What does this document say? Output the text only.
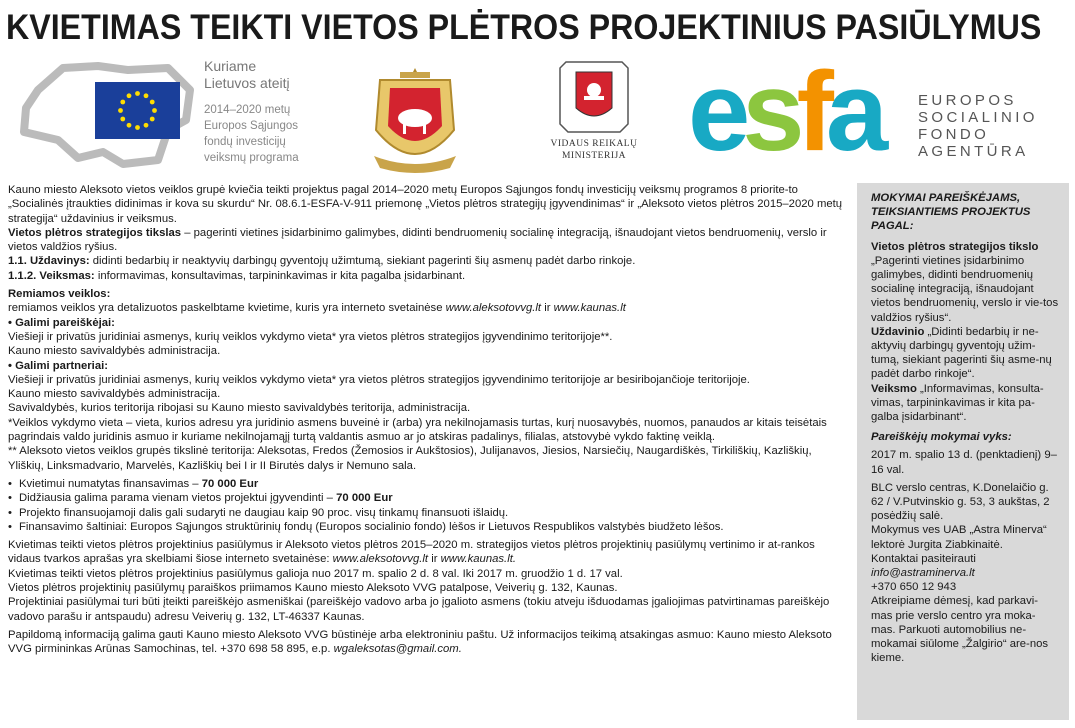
KVIETIMAS TEIKTI VIETOS PLĖTROS PROJEKTINIUS PASIŪLYMUS
Kuriame
Lietuvos ateitį
2014–2020 metų
Europos Sąjungos
fondų investicijų
veiksmų programa
VIDAUS REIKALŲ
MINISTERIJA esfa	EUROPOS
SOCIALINIO
FONDO
AGENTŪRA

Kauno miesto Aleksoto vietos veiklos grupė kviečia teikti projektus pagal 2014–2020 metų Europos Sąjungos fondų investicijų veiksmų programos 8 priorite-to „Socialinės įtraukties didinimas ir kova su skurdu“ Nr. 08.6.1-ESFA-V-911 priemonę „Vietos plėtros strategijų įgyvendinimas“ ir „Aleksoto vietos plėtros 2015–2020 metų strategija“ uždavinius ir veiksmus.

Vietos plėtros strategijos tikslas – pagerinti vietines įsidarbinimo galimybes, didinti bendruomenių socialinę integraciją, išnaudojant vietos bendruomenių, verslo ir vietos valdžios ryšius.

1.1. Uždavinys: didinti bedarbių ir neaktyvių darbingų gyventojų užimtumą, siekiant pagerinti šių asmenų padėt darbo rinkoje.

1.1.2. Veiksmas: informavimas, konsultavimas, tarpininkavimas ir kita pagalba įsidarbinant.

Remiamos veiklos:

remiamos veiklos yra detalizuotos paskelbtame kvietime, kuris yra interneto svetainėse www.aleksotovvg.lt ir www.kaunas.lt

• Galimi pareiškėjai:

Viešieji ir privatūs juridiniai asmenys, kurių veiklos vykdymo vieta* yra vietos plėtros strategijos įgyvendinimo teritorijoje**.

Kauno miesto savivaldybės administracija.

• Galimi partneriai:

Viešieji ir privatūs juridiniai asmenys, kurių veiklos vykdymo vieta* yra vietos plėtros strategijos įgyvendinimo teritorijoje ar besiribojančioje teritorijoje.

Kauno miesto savivaldybės administracija.

Savivaldybės, kurios teritorija ribojasi su Kauno miesto savivaldybės teritorija, administracija.

*Veiklos vykdymo vieta – vieta, kurios adresu yra juridinio asmens buveinė ir (arba) yra nekilnojamasis turtas, kurį nuosavybės, nuomos, panaudos ar kitais teisėtais pagrindais valdo juridinis asmuo ir kuriame nekilnojamąjį turtą valdantis asmuo ar jo atskiras padalinys, filialas, atstovybė vykdo faktinę veiklą.

** Aleksoto vietos veiklos grupės tikslinė teritorija: Aleksotas, Fredos (Žemosios ir Aukštosios), Julijanavos, Jiesios, Narsiečių, Naugardiškės, Tirkiliškių, Kazliškių, Yliškių, Linksmadvario, Marvelės, Kazliškių bei I ir II Birutės dalys ir Nemuno sala.

• Kvietimui numatytas finansavimas – 70 000 Eur
• Didžiausia galima parama vienam vietos projektui įgyvendinti – 70 000 Eur
• Projekto finansuojamoji dalis gali sudaryti ne daugiau kaip 90 proc. visų tinkamų finansuoti išlaidų.
• Finansavimo šaltiniai: Europos Sąjungos struktūrinių fondų (Europos socialinio fondo) lėšos ir Lietuvos Respublikos valstybės biudžeto lėšos.

Kvietimas teikti vietos plėtros projektinius pasiūlymus ir Aleksoto vietos plėtros 2015–2020 m. strategijos vietos plėtros projektinių pasiūlymų vertinimo ir at-rankos vidaus tvarkos aprašas yra skelbiami šiose interneto svetainėse: www.aleksotovvg.lt ir www.kaunas.lt.

Kvietimas teikti vietos plėtros projektinius pasiūlymus galioja nuo 2017 m. spalio 2 d. 8 val. Iki 2017 m. gruodžio 1 d. 17 val.

Vietos plėtros projektinių pasiūlymų paraiškos priimamos Kauno miesto Aleksoto VVG patalpose, Veiverių g. 132, Kaunas.

Projektiniai pasiūlymai turi būti įteikti pareiškėjo asmeniškai (pareiškėjo vadovo arba jo įgalioto asmens (tokiu atveju išduodamas įgaliojimas patvirtinamas pareiškėjo vadovo parašu ir antspaudu) adresu Veiverių g. 132, LT-46337 Kaunas.

Papildomą informaciją galima gauti Kauno miesto Aleksoto VVG būstinėje arba elektroniniu paštu. Už informacijos teikimą atsakingas asmuo: Kauno miesto Aleksoto VVG pirmininkas Arūnas Samochinas, tel. +370 698 58 895, e.p. wgaleksotas@gmail.com.

MOKYMAI PAREIŠKĖJAMS, TEIKSIANTIEMS PROJEKTUS PAGAL:

Vietos plėtros strategijos tikslo

„Pagerinti vietines įsidarbinimo galimybes, didinti bendruomenių socialinę integraciją, išnaudojant vietos bendruomenių, verslo ir vie-tos valdžios ryšius“.

Uždavinio „Didinti bedarbių ir ne-aktyvių darbingų gyventojų užim-tumą, siekiant pagerinti šių asme-nų padėt darbo rinkoje“.

Veiksmo „Informavimas, konsulta-vimas, tarpininkavimas ir kita pa-galba įsidarbinant“.

Pareiškėjų mokymai vyks:

2017 m. spalio 13 d. (penktadienį) 9–16 val.

BLC verslo centras, K.Donelaičio g. 62 / V.Putvinskio g. 53, 3 aukštas, 2 posėdžių salė.

Mokymus ves UAB „Astra Minerva“ lektorė Jurgita Ziabkinaitė.

Kontaktai pasiteirauti

info@astraminerva.lt

+370 650 12 943

Atkreipiame dėmesį, kad parkavi-mas prie verslo centro yra moka-mas. Parkuoti automobilius ne-mokamai siūlome „Žalgirio“ are-nos kieme.
